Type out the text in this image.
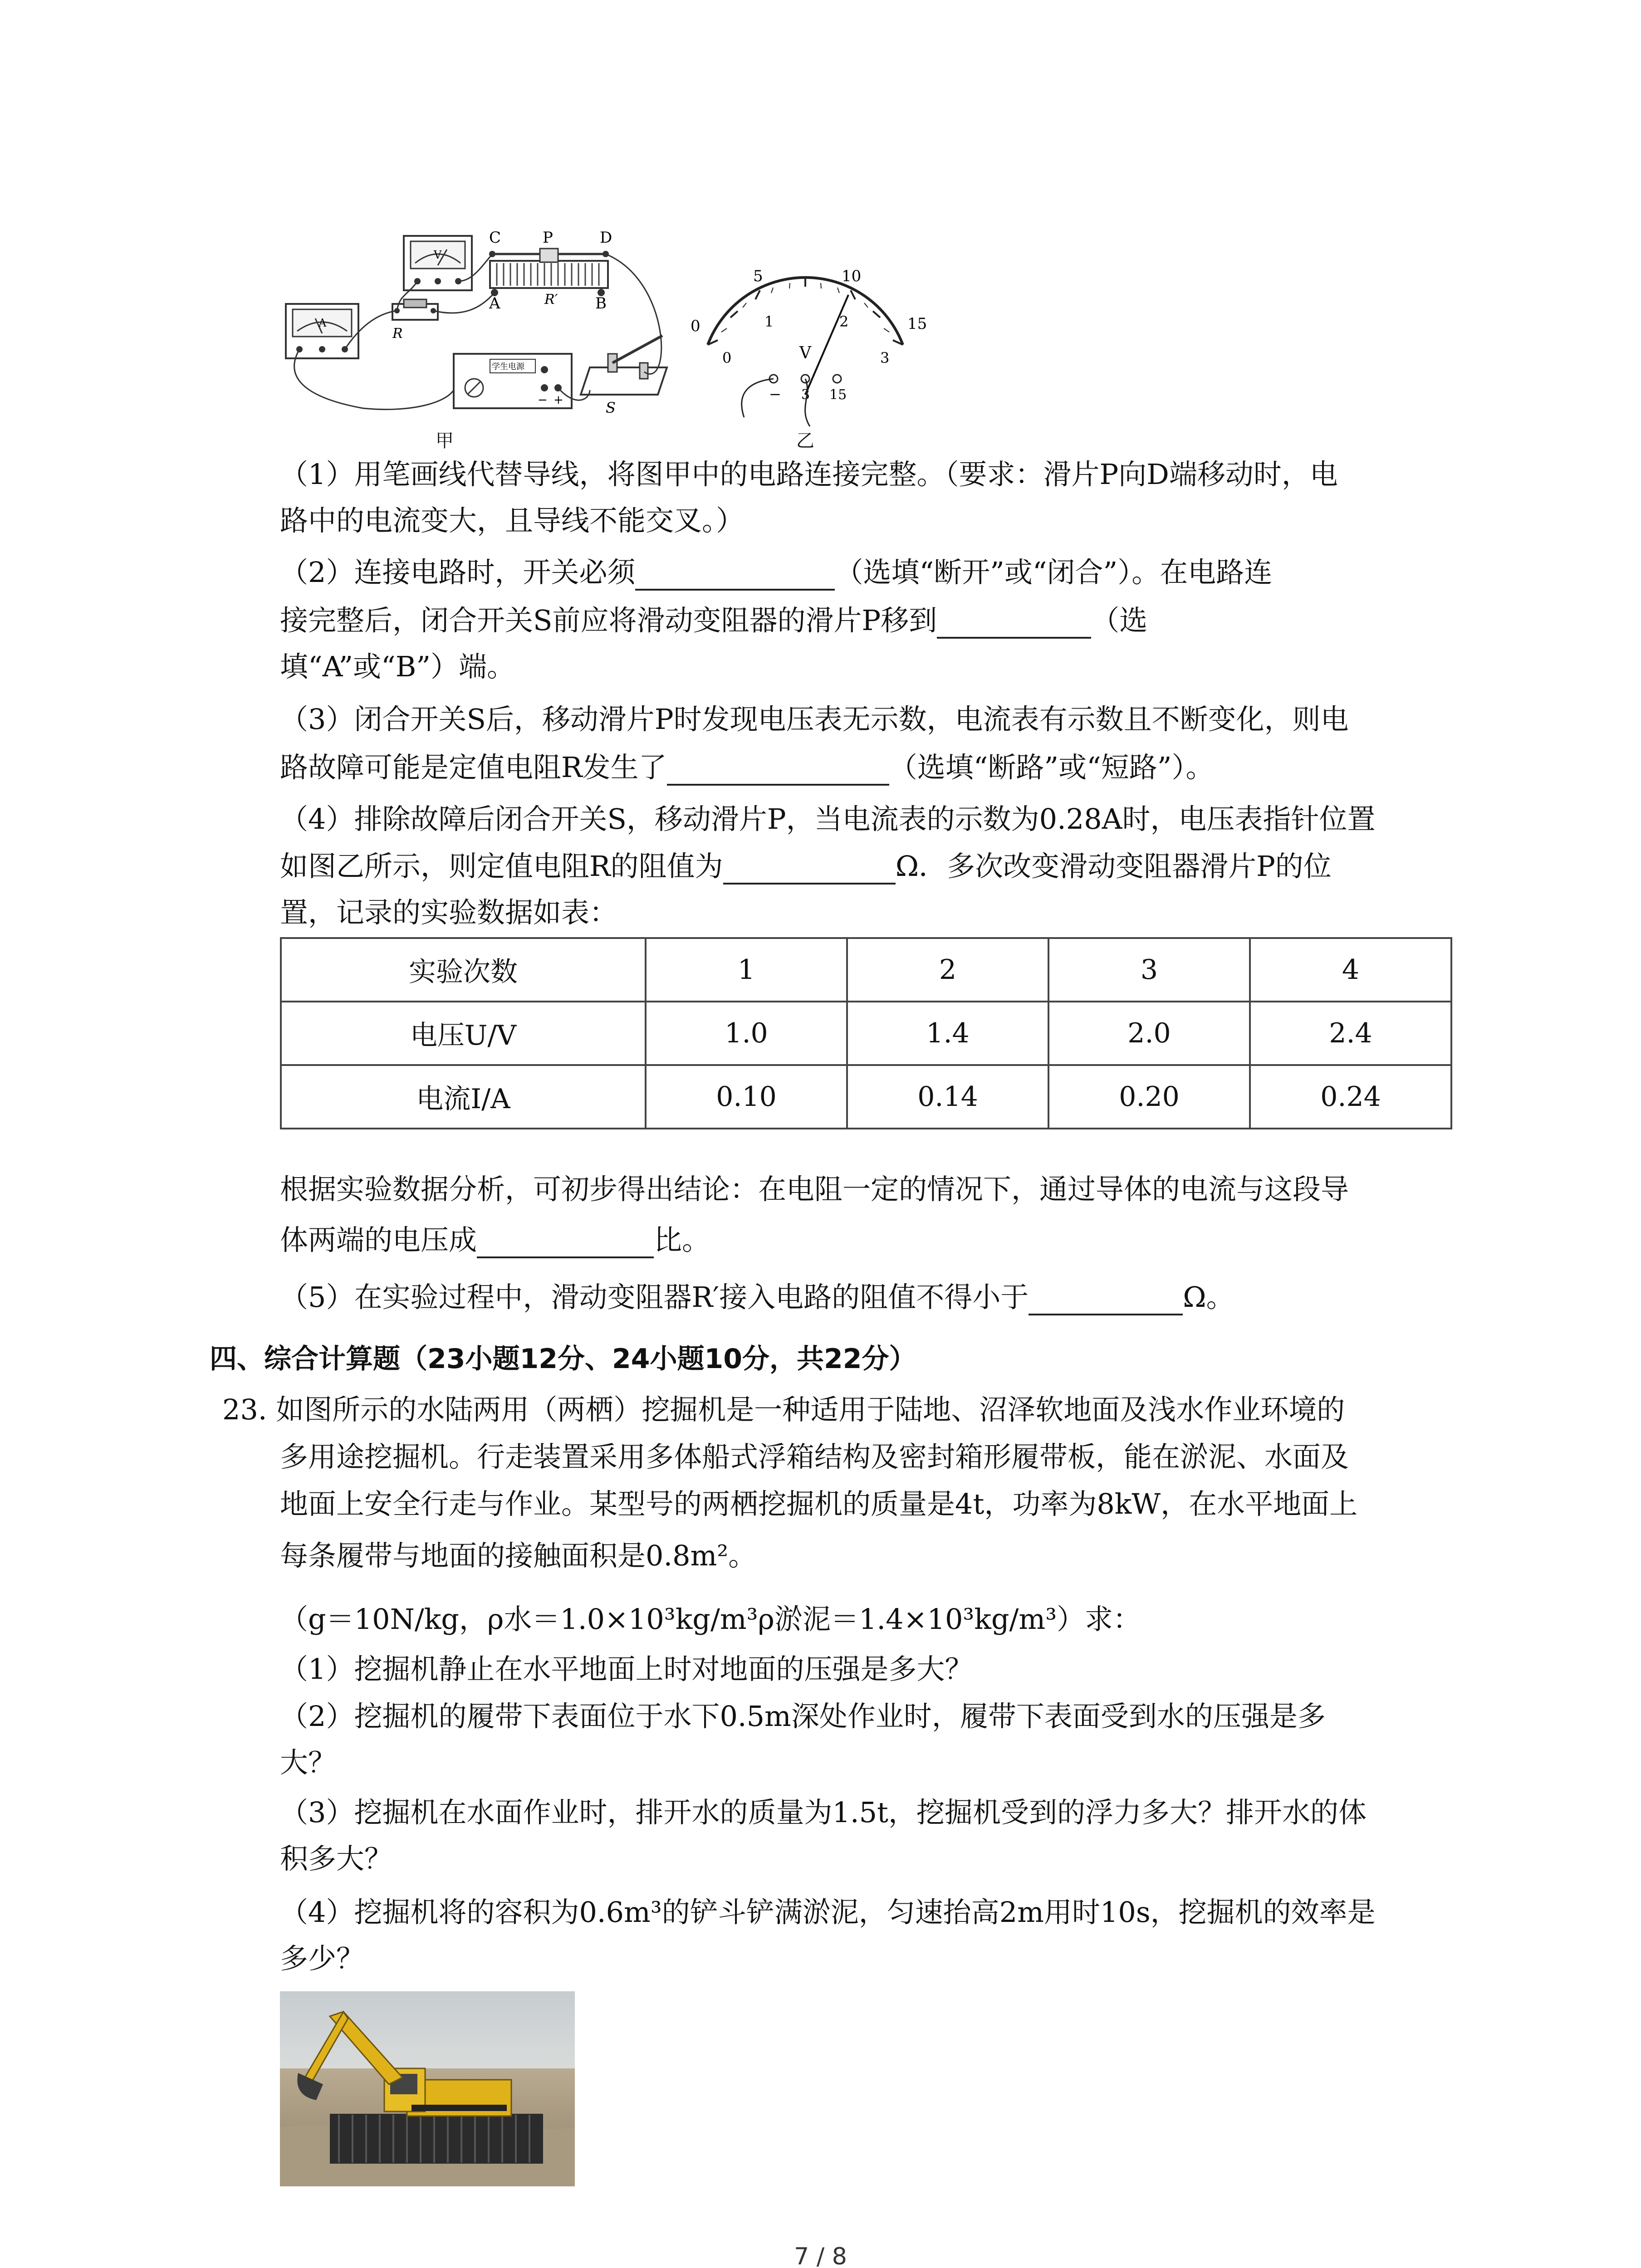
V
A
C	P	D
A	R′ B
R
学生电源
− +	S
甲
0
5	10
15
0
1	2
3
V
− 3 15
乙
（1）用笔画线代替导线，将图甲中的电路连接完整。（要求：滑片P向D端移动时，电
路中的电流变大，且导线不能交叉。）
（2）连接电路时，开关必须	（选填“断开”或“闭合”）。在电路连
接完整后，闭合开关S前应将滑动变阻器的滑片P移到	（选
填“A”或“B”）端。
（3）闭合开关S后，移动滑片P时发现电压表无示数，电流表有示数且不断变化，则电
路故障可能是定值电阻R发生了	（选填“断路”或“短路”）。
（4）排除故障后闭合开关S，移动滑片P，当电流表的示数为0.28A时，电压表指针位置
如图乙所示，则定值电阻R的阻值为	Ω．多次改变滑动变阻器滑片P的位
置，记录的实验数据如表：
实验次数	1	2	3	4
电压U/V	1.0	1.4	2.0	2.4
电流I/A	0.10	0.14	0.20	0.24
根据实验数据分析，可初步得出结论：在电阻一定的情况下，通过导体的电流与这段导
体两端的电压成	比。
（5）在实验过程中，滑动变阻器R′接入电路的阻值不得小于	Ω。
四、综合计算题（23小题12分、24小题10分，共22分）
23. 如图所示的水陆两用（两栖）挖掘机是一种适用于陆地、沼泽软地面及浅水作业环境的
多用途挖掘机。行走装置采用多体船式浮箱结构及密封箱形履带板，能在淤泥、水面及
地面上安全行走与作业。某型号的两栖挖掘机的质量是4t，功率为8kW，在水平地面上
每条履带与地面的接触面积是0.8m²。
（g＝10N/kg，ρ水＝1.0×10³kg/m³ρ淤泥＝1.4×10³kg/m³）求：
（1）挖掘机静止在水平地面上时对地面的压强是多大？
（2）挖掘机的履带下表面位于水下0.5m深处作业时，履带下表面受到水的压强是多
大？
（3）挖掘机在水面作业时，排开水的质量为1.5t，挖掘机受到的浮力多大？排开水的体
积多大？
（4）挖掘机将的容积为0.6m³的铲斗铲满淤泥，匀速抬高2m用时10s，挖掘机的效率是
多少？
7 / 8
